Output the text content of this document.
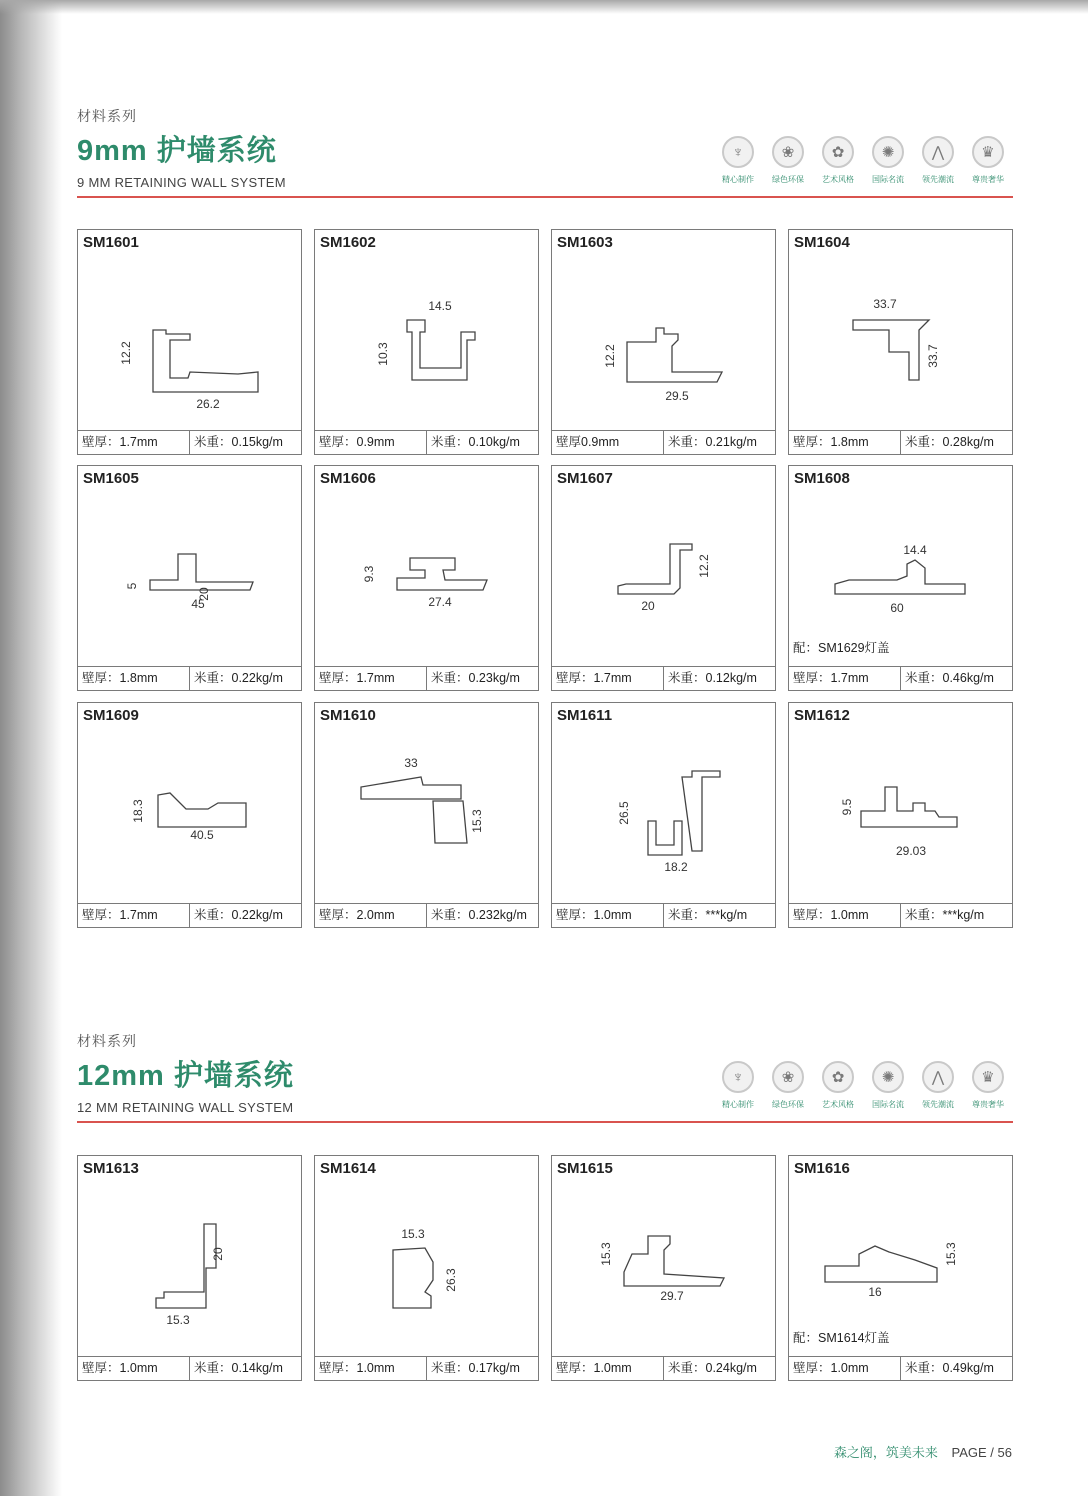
材料系列
9mm 护墙系统
9 MM RETAINING WALL SYSTEM
♆
精心制作
❀
绿色环保
✿
艺术风格
✺
国际名流
⋀
领先潮流
♛
尊贵奢华
材料系列
12mm 护墙系统
12 MM RETAINING WALL SYSTEM
♆
精心制作
❀
绿色环保
✿
艺术风格
✺
国际名流
⋀
领先潮流
♛
尊贵奢华
SM1601
12.2
26.2
壁厚：1.7mm	米重：0.15kg/m
SM1602
14.5
10.3
壁厚：0.9mm	米重：0.10kg/m
SM1603
12.2
29.5
壁厚0.9mm	米重：0.21kg/m
SM1604
33.7
33.7
壁厚：1.8mm	米重：0.28kg/m
SM1605
20
45
5
壁厚：1.8mm	米重：0.22kg/m
SM1606
9.3
27.4
壁厚：1.7mm	米重：0.23kg/m
SM1607
12.2
20
壁厚：1.7mm	米重：0.12kg/m
SM1608
14.4
60
配：SM1629灯盖
壁厚：1.7mm	米重：0.46kg/m
SM1609
18.3
40.5
壁厚：1.7mm	米重：0.22kg/m
SM1610
33
15.3
壁厚：2.0mm	米重：0.232kg/m
SM1611
26.5
18.2
壁厚：1.0mm	米重：***kg/m
SM1612
9.5
29.03
壁厚：1.0mm	米重：***kg/m
SM1613
20
15.3
壁厚：1.0mm	米重：0.14kg/m
SM1614
15.3
26.3
壁厚：1.0mm	米重：0.17kg/m
SM1615
15.3
29.7
壁厚：1.0mm	米重：0.24kg/m
SM1616
15.3
16
配：SM1614灯盖
壁厚：1.0mm	米重：0.49kg/m
森之阁，筑美未来 PAGE / 56
